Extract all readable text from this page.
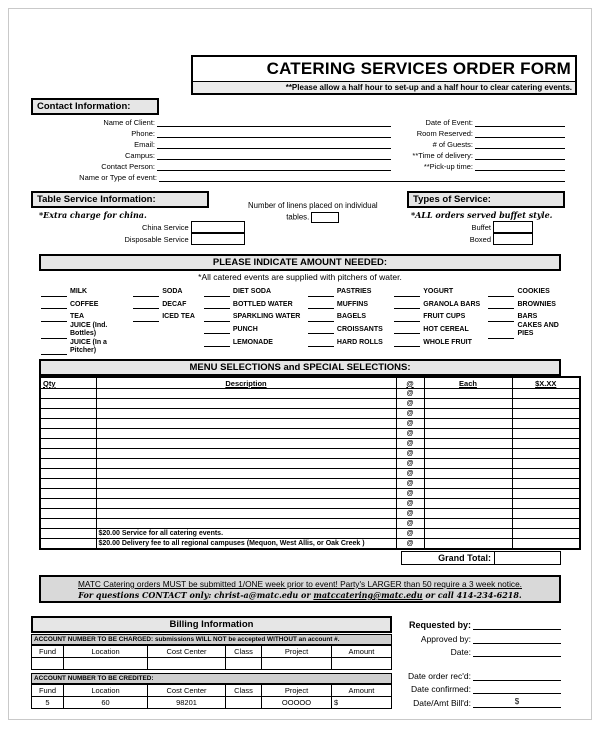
CATERING SERVICES ORDER FORM
**Please allow a half hour to set-up and a half hour to clear catering events.
Contact Information:
Name of Client:
Phone:
Email:
Campus:
Contact Person:
Date of Event:
Room Reserved:
# of Guests:
**Time of delivery:
**Pick-up time:
Name or Type of event:
Table Service Information:
*Extra charge for china.
China Service
Disposable Service
Number of linens placed on individual tables.
Types of Service:
*ALL orders served buffet style.
Buffet
Boxed
PLEASE INDICATE AMOUNT NEEDED:
*All catered events are supplied with pitchers of water.
MILK
COFFEE
TEA
JUICE (Ind. Bottles)
JUICE (In a Pitcher)
SODA
DECAF
ICED TEA
DIET SODA
BOTTLED WATER
SPARKLING WATER
PUNCH
LEMONADE
PASTRIES
MUFFINS
BAGELS
CROISSANTS
HARD ROLLS
YOGURT
GRANOLA BARS
FRUIT CUPS
HOT CEREAL
WHOLE FRUIT
COOKIES
BROWNIES
BARS
CAKES AND PIES
MENU SELECTIONS and SPECIAL SELECTIONS:
Qty	Description	@	Each	$X.XX
		@		
		@		
		@		
		@		
		@		
		@		
		@		
		@		
		@		
		@		
		@		
		@		
		@		
		@		
	$20.00 Service for all catering events.	@		
	$20.00 Delivery fee to all regional campuses (Mequon, West Allis, or Oak Creek )	@		
Grand Total:
MATC Catering orders MUST be submitted 1/ONE week prior to event! Party's LARGER than 50 require a 3 week notice.
For questions CONTACT only: christ-a@matc.edu or matccatering@matc.edu or call 414-234-6218.
Billing Information
ACCOUNT NUMBER TO BE CHARGED: submissions WILL NOT be accepted WITHOUT an account #.
Fund	Location	Cost Center	Class	Project	Amount

ACCOUNT NUMBER TO BE CREDITED:
Fund	Location	Cost Center	Class	Project	Amount
5	60	98201		OOOOO	$
Requested by:
Approved by:
Date:
Date order rec'd:
Date confirmed:
Date/Amt Bill'd:	$
